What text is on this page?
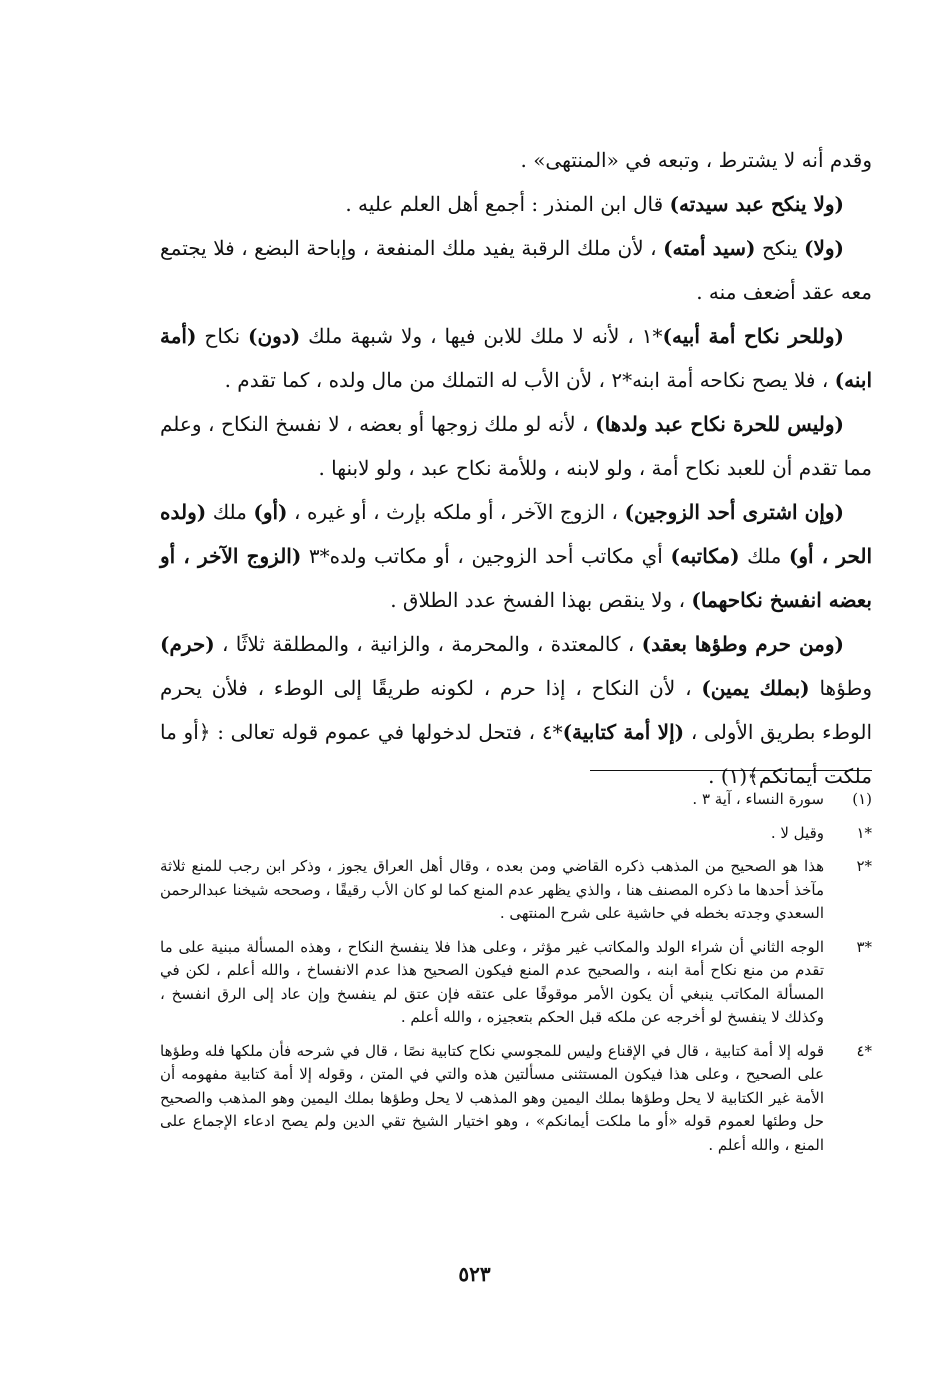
وقدم أنه لا يشترط ، وتبعه في «المنتهى» .

(ولا ينكح عبد سيدته) قال ابن المنذر : أجمع أهل العلم عليه .

(ولا) ينكح (سيد أمته) ، لأن ملك الرقبة يفيد ملك المنفعة ، وإباحة البضع ، فلا يجتمع معه عقد أضعف منه .

(وللحر نكاح أمة أبيه)*١ ، لأنه لا ملك للابن فيها ، ولا شبهة ملك (دون) نكاح (أمة ابنه) ، فلا يصح نكاحه أمة ابنه*٢ ، لأن الأب له التملك من مال ولده ، كما تقدم .

(وليس للحرة نكاح عبد ولدها) ، لأنه لو ملك زوجها أو بعضه ، لا نفسخ النكاح ، وعلم مما تقدم أن للعبد نكاح أمة ، ولو لابنه ، وللأمة نكاح عبد ، ولو لابنها .

(وإن اشترى أحد الزوجين) ، الزوج الآخر ، أو ملكه بإرث ، أو غيره ، (أو) ملك (ولده الحر ، أو) ملك (مكاتبه) أي مكاتب أحد الزوجين ، أو مكاتب ولده*٣ (الزوج الآخر ، أو بعضه انفسخ نكاحهما) ، ولا ينقص بهذا الفسخ عدد الطلاق .

(ومن حرم وطؤها بعقد) ، كالمعتدة ، والمحرمة ، والزانية ، والمطلقة ثلاثًا ، (حرم) وطؤها (بملك يمين) ، لأن النكاح ، إذا حرم ، لكونه طريقًا إلى الوطء ، فلأن يحرم الوطء بطريق الأولى ، (إلا أمة كتابية)*٤ ، فتحل لدخولها في عموم قوله تعالى : ﴿أو ما ملكت أيمانكم﴾(١) .

(١)
سورة النساء ، آية ٣ .
*١
وقيل لا .
*٢
هذا هو الصحيح من المذهب ذكره القاضي ومن بعده ، وقال أهل العراق يجوز ، وذكر ابن رجب للمنع ثلاثة مآخذ أحدها ما ذكره المصنف هنا ، والذي يظهر عدم المنع كما لو كان الأب رقيقًا ، وصححه شيخنا عبدالرحمن السعدي وجدته بخطه في حاشية على شرح المنتهى .
*٣
الوجه الثاني أن شراء الولد والمكاتب غير مؤثر ، وعلى هذا فلا ينفسخ النكاح ، وهذه المسألة مبنية على ما تقدم من منع نكاح أمة ابنه ، والصحيح عدم المنع فيكون الصحيح هذا عدم الانفساخ ، والله أعلم ، لكن في المسألة المكاتب ينبغي أن يكون الأمر موقوفًا على عتقه فإن عتق لم ينفسخ وإن عاد إلى الرق انفسخ ، وكذلك لا ينفسخ لو أخرجه عن ملكه قبل الحكم بتعجيزه ، والله أعلم .
*٤
قوله إلا أمة كتابية ، قال في الإقناع وليس للمجوسي نكاح كتابية نصًا ، قال في شرحه فأن ملكها فله وطؤها على الصحيح ، وعلى هذا فيكون المستثنى مسألتين هذه والتي في المتن ، وقوله إلا أمة كتابية مفهومه أن الأمة غير الكتابية لا يحل وطؤها بملك اليمين وهو المذهب لا يحل وطؤها بملك اليمين وهو المذهب والصحيح حل وطئها لعموم قوله «أو ما ملكت أيمانكم» ، وهو اختيار الشيخ تقي الدين ولم يصح ادعاء الإجماع على المنع ، والله أعلم .
٥٢٣
